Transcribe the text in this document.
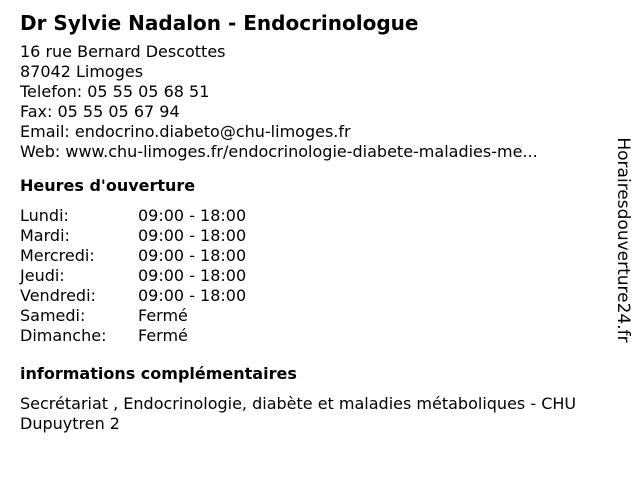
Dr Sylvie Nadalon - Endocrinologue
16 rue Bernard Descottes
87042 Limoges
Telefon: 05 55 05 68 51
Fax: 05 55 05 67 94
Email: endocrino.diabeto@chu-limoges.fr
Web: www.chu-limoges.fr/endocrinologie-diabete-maladies-me...
Heures d'ouverture
Lundi:	09:00 - 18:00
Mardi:	09:00 - 18:00
Mercredi:	09:00 - 18:00
Jeudi:	09:00 - 18:00
Vendredi:	09:00 - 18:00
Samedi:	Fermé
Dimanche:	Fermé
informations complémentaires
Secrétariat , Endocrinologie, diabète et maladies métaboliques - CHU Dupuytren 2
Horairesdouverture24.fr
